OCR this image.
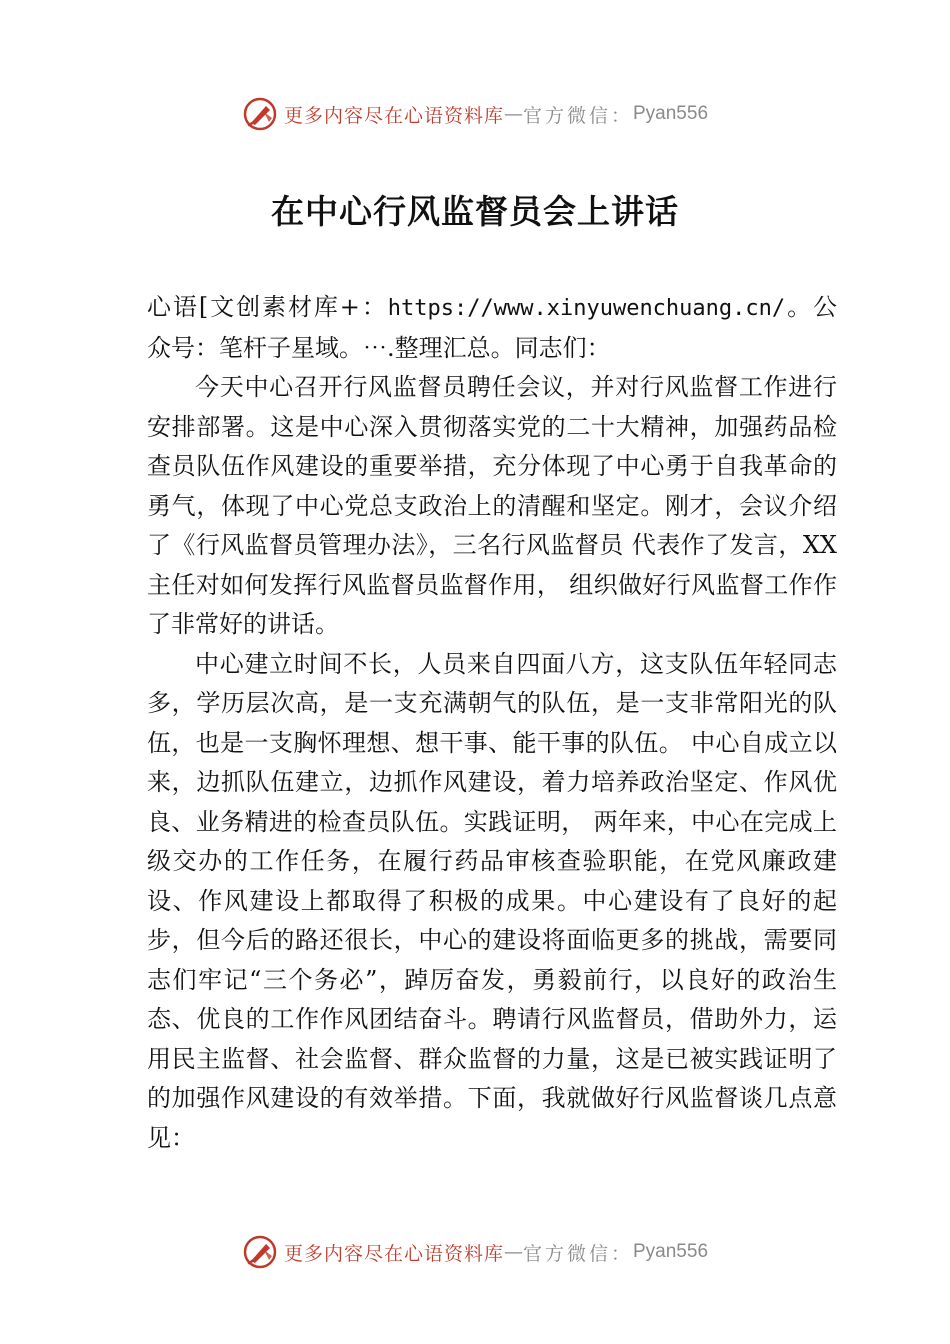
更多内容尽在心语资料库 — 官方微信： Pyan556
在中心行风监督员会上讲话

心语[文创素材库+：https://www.xinyuwenchuang.cn/。公众号：笔杆子星域。⋯.整理汇总。同志们：

今天中心召开行风监督员聘任会议，并对行风监督工作进行安排部署。这是中心深入贯彻落实党的二十大精神，加强药品检查员队伍作风建设的重要举措，充分体现了中心勇于自我革命的勇气，体现了中心党总支政治上的清醒和坚定。刚才，会议介绍了《行风监督员管理办法》，三名行风监督员 代表作了发言，XX主任对如何发挥行风监督员监督作用， 组织做好行风监督工作作了非常好的讲话。

中心建立时间不长，人员来自四面八方，这支队伍年轻同志多，学历层次高，是一支充满朝气的队伍，是一支非常阳光的队伍，也是一支胸怀理想、想干事、能干事的队伍。 中心自成立以来，边抓队伍建立，边抓作风建设，着力培养政治坚定、作风优良、业务精进的检查员队伍。实践证明， 两年来，中心在完成上级交办的工作任务，在履行药品审核查验职能，在党风廉政建设、作风建设上都取得了积极的成果。中心建设有了良好的起步，但今后的路还很长，中心的建设将面临更多的挑战，需要同志们牢记“三个务必”，踔厉奋发，勇毅前行，以良好的政治生态、优良的工作作风团结奋斗。聘请行风监督员，借助外力，运用民主监督、社会监督、群众监督的力量，这是已被实践证明了的加强作风建设的有效举措。下面，我就做好行风监督谈几点意见：

更多内容尽在心语资料库 — 官方微信： Pyan556
